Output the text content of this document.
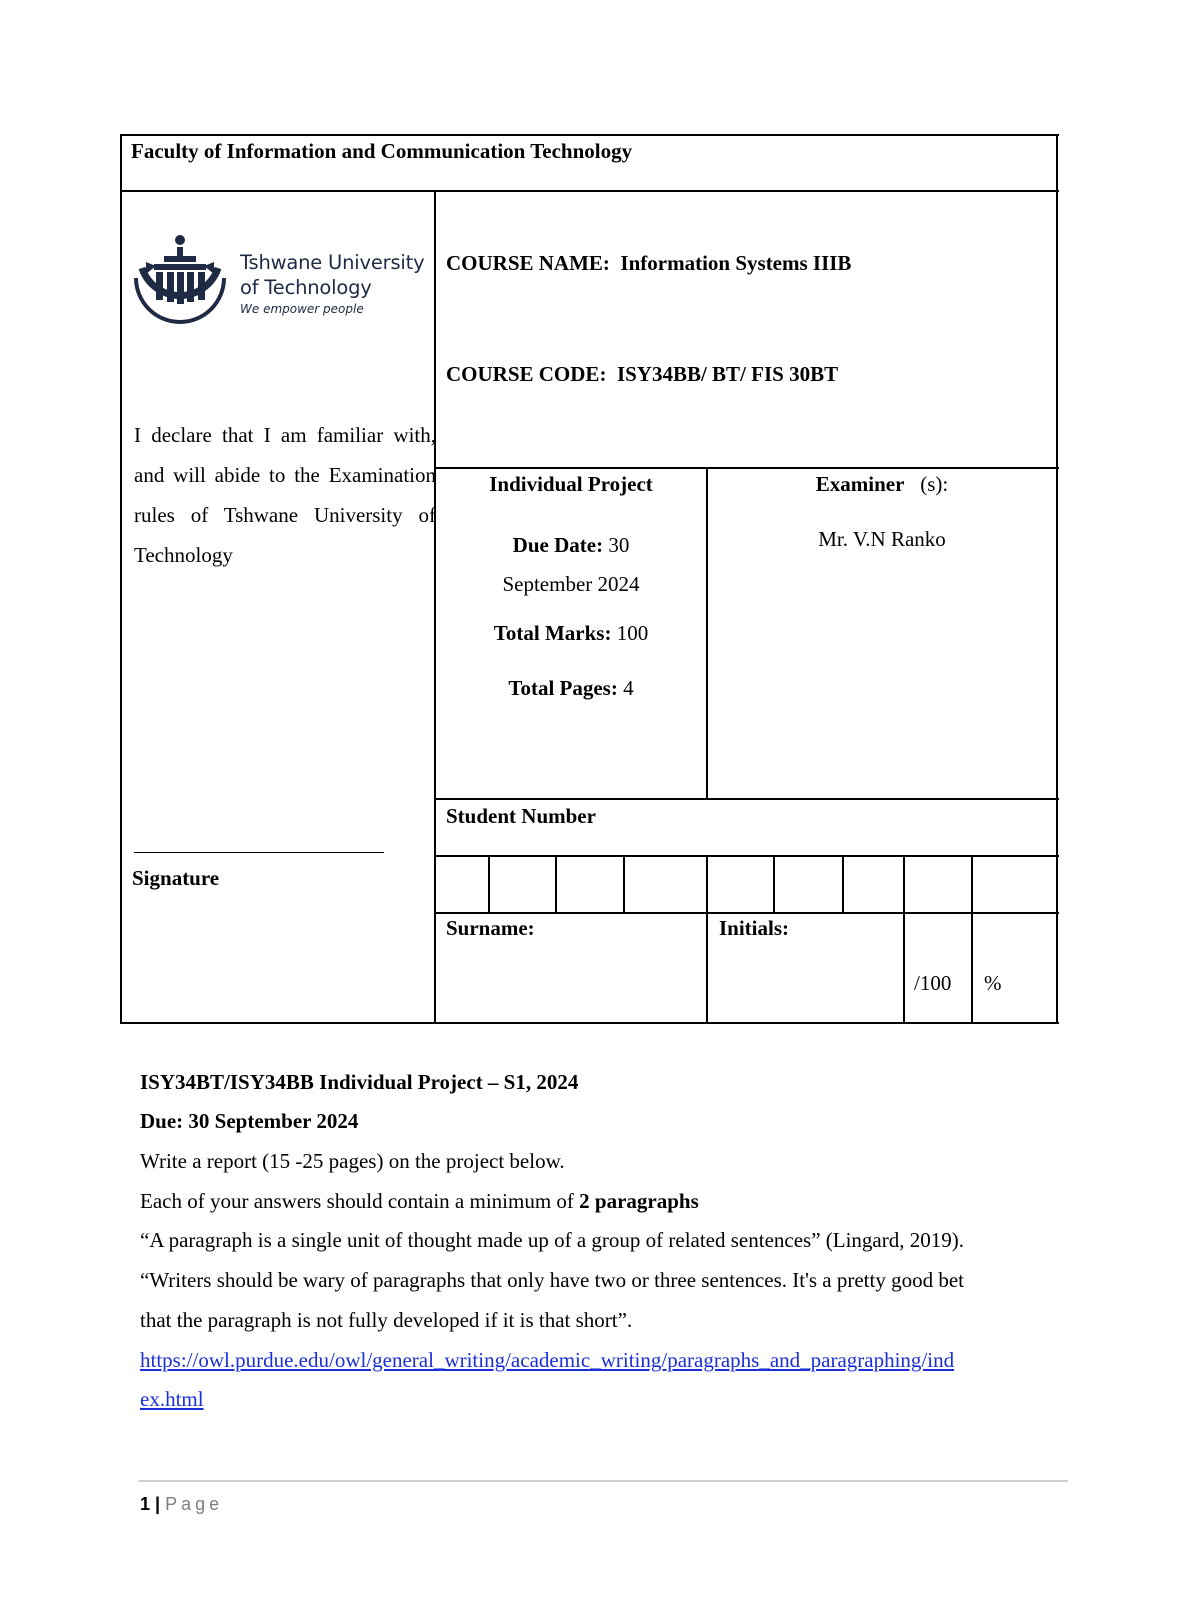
Faculty of Information and Communication Technology
Tshwane University
of Technology
We empower people
COURSE NAME: Information Systems IIIB
COURSE CODE: ISY34BB/ BT/ FIS 30BT
I declare that I am familiar with, and will abide to the Examination rules of Tshwane University of Technology
Signature
Individual Project
Due Date: 30
September 2024
Total Marks: 100
Total Pages: 4
Examiner (s):
Mr. V.N Ranko
Student Number
Surname:	Initials:
/100 %
ISY34BT/ISY34BB Individual Project – S1, 2024
Due: 30 September 2024
Write a report (15 -25 pages) on the project below.
Each of your answers should contain a minimum of 2 paragraphs
“A paragraph is a single unit of thought made up of a group of related sentences” (Lingard, 2019).
“Writers should be wary of paragraphs that only have two or three sentences. It's a pretty good bet
that the paragraph is not fully developed if it is that short”.
https://owl.purdue.edu/owl/general_writing/academic_writing/paragraphs_and_paragraphing/ind
ex.html
1 | Page
